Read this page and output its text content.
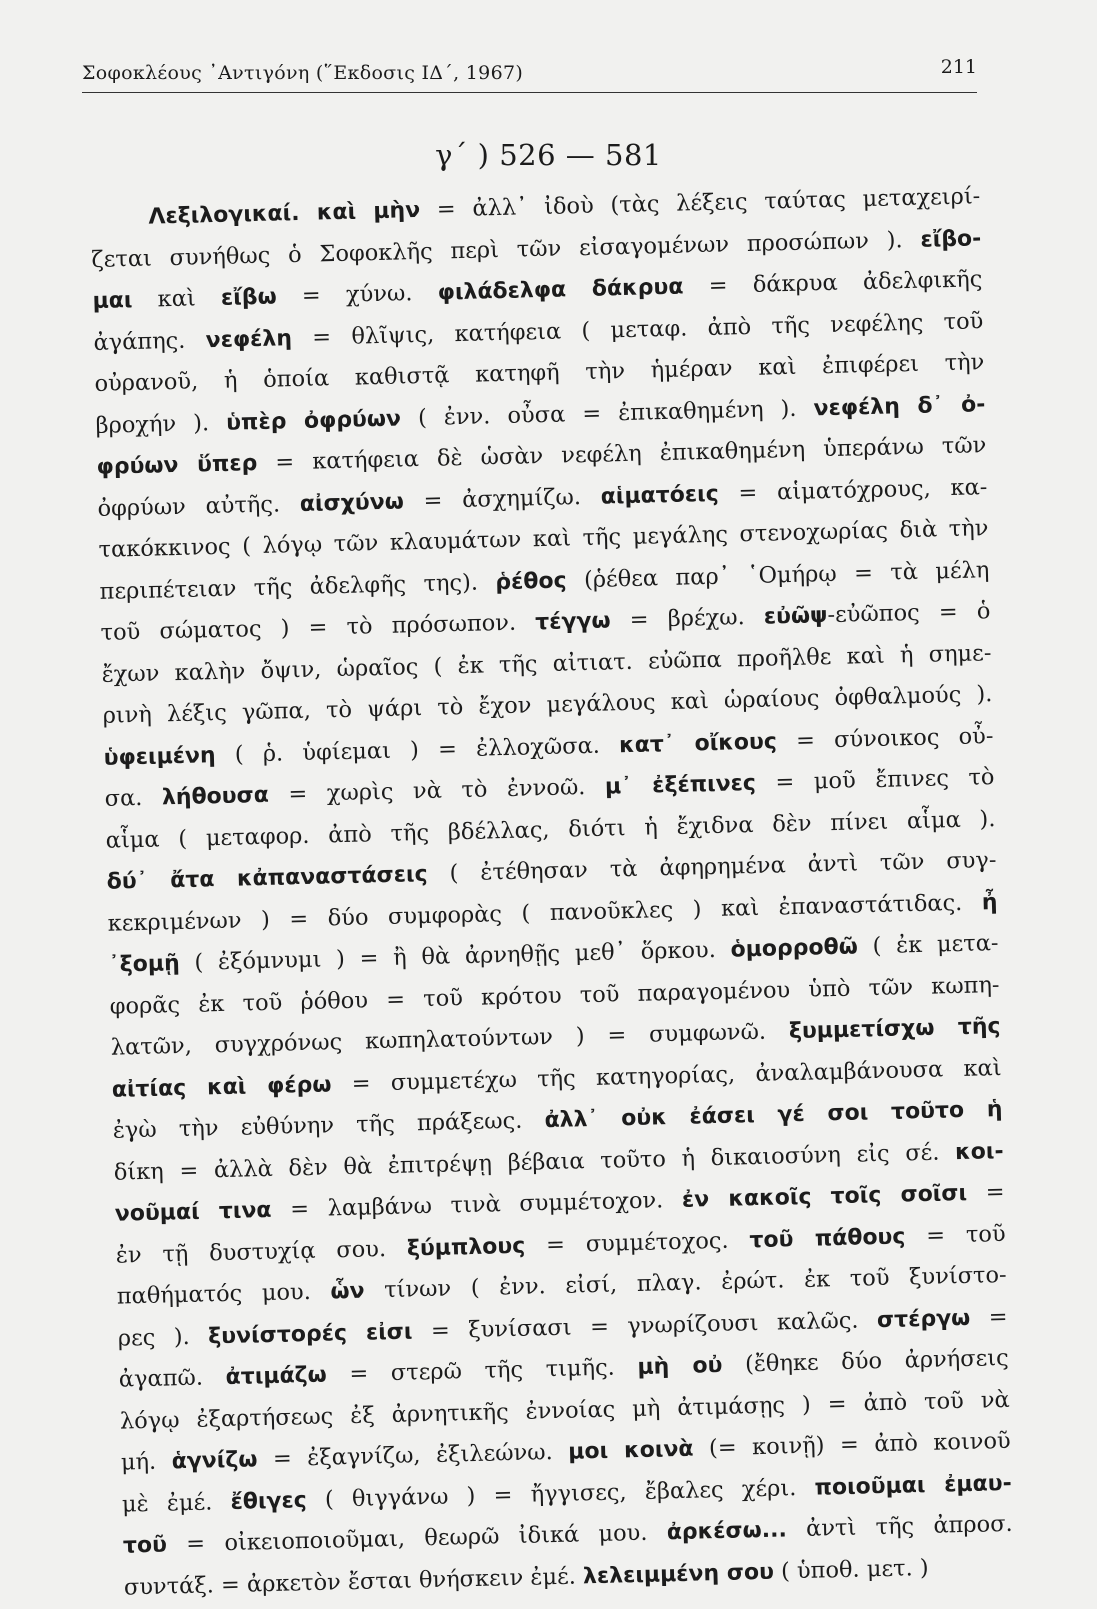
Σοφοκλέους ᾽Αντιγόνη (῞Εκδοσις ΙΔ΄, 1967)	211
γ΄ ) 526 — 581
Λεξιλογικαί. καὶ μὴν = ἀλλ᾽ ἰδοὺ (τὰς λέξεις ταύτας μεταχειρί-
ζεται συνήθως ὁ Σοφοκλῆς περὶ τῶν εἰσαγομένων προσώπων ). εἴβο-
μαι καὶ εἴβω = χύνω. φιλάδελφα δάκρυα = δάκρυα ἀδελφικῆς
ἀγάπης. νεφέλη = θλῖψις, κατήφεια ( μεταφ. ἀπὸ τῆς νεφέλης τοῦ
οὐρανοῦ, ἡ ὁποία καθιστᾷ κατηφῆ τὴν ἡμέραν καὶ ἐπιφέρει τὴν
βροχήν ). ὑπὲρ ὀφρύων ( ἐνν. οὖσα = ἐπικαθημένη ). νεφέλη δ᾽ ὀ-
φρύων ὕπερ = κατήφεια δὲ ὡσὰν νεφέλη ἐπικαθημένη ὑπεράνω τῶν
ὀφρύων αὐτῆς. αἰσχύνω = ἀσχημίζω. αἱματόεις = αἱματόχρους, κα-
τακόκκινος ( λόγῳ τῶν κλαυμάτων καὶ τῆς μεγάλης στενοχωρίας διὰ τὴν
περιπέτειαν τῆς ἀδελφῆς της). ῥέθος (ῥέθεα παρ᾽ ῾Ομήρῳ = τὰ μέλη
τοῦ σώματος ) = τὸ πρόσωπον. τέγγω = βρέχω. εὐῶψ-εὐῶπος = ὁ
ἔχων καλὴν ὄψιν, ὡραῖος ( ἐκ τῆς αἰτιατ. εὐῶπα προῆλθε καὶ ἡ σημε-
ρινὴ λέξις γῶπα, τὸ ψάρι τὸ ἔχον μεγάλους καὶ ὡραίους ὀφθαλμούς ).
ὑφειμένη ( ῥ. ὑφίεμαι ) = ἐλλοχῶσα. κατ᾽ οἴκους = σύνοικος οὖ-
σα. λήθουσα = χωρὶς νὰ τὸ ἐννοῶ. μ᾽ ἐξέπινες = μοῦ ἔπινες τὸ
αἷμα ( μεταφορ. ἀπὸ τῆς βδέλλας, διότι ἡ ἔχιδνα δὲν πίνει αἷμα ).
δύ᾽ ἄτα κἀπαναστάσεις ( ἐτέθησαν τὰ ἀφηρημένα ἀντὶ τῶν συγ-
κεκριμένων ) = δύο συμφορὰς ( πανοῦκλες ) καὶ ἐπαναστάτιδας. ἦ
᾽ξομῇ ( ἐξόμνυμι ) = ἢ θὰ ἀρνηθῇς μεθ᾽ ὅρκου. ὁμορροθῶ ( ἐκ μετα-
φορᾶς ἐκ τοῦ ῥόθου = τοῦ κρότου τοῦ παραγομένου ὑπὸ τῶν κωπη-
λατῶν, συγχρόνως κωπηλατούντων ) = συμφωνῶ. ξυμμετίσχω τῆς
αἰτίας καὶ φέρω = συμμετέχω τῆς κατηγορίας, ἀναλαμβάνουσα καὶ
ἐγὼ τὴν εὐθύνην τῆς πράξεως. ἀλλ᾽ οὐκ ἐάσει γέ σοι τοῦτο ἡ
δίκη = ἀλλὰ δὲν θὰ ἐπιτρέψῃ βέβαια τοῦτο ἡ δικαιοσύνη εἰς σέ. κοι-
νοῦμαί τινα = λαμβάνω τινὰ συμμέτοχον. ἐν κακοῖς τοῖς σοῖσι =
ἐν τῇ δυστυχίᾳ σου. ξύμπλους = συμμέτοχος. τοῦ πάθους = τοῦ
παθήματός μου. ὧν τίνων ( ἐνν. εἰσί, πλαγ. ἐρώτ. ἐκ τοῦ ξυνίστο-
ρες ). ξυνίστορές εἰσι = ξυνίσασι = γνωρίζουσι καλῶς. στέργω =
ἀγαπῶ. ἀτιμάζω = στερῶ τῆς τιμῆς. μὴ οὐ (ἔθηκε δύο ἀρνήσεις
λόγῳ ἐξαρτήσεως ἐξ ἀρνητικῆς ἐννοίας μὴ ἀτιμάσῃς ) = ἀπὸ τοῦ νὰ
μή. ἁγνίζω = ἐξαγνίζω, ἐξιλεώνω. μοι κοινὰ (= κοινῇ) = ἀπὸ κοινοῦ
μὲ ἐμέ. ἔθιγες ( θιγγάνω ) = ἤγγισες, ἔβαλες χέρι. ποιοῦμαι ἐμαυ-
τοῦ = οἰκειοποιοῦμαι, θεωρῶ ἰδικά μου. ἀρκέσω... ἀντὶ τῆς ἀπροσ.
συντάξ. = ἀρκετὸν ἔσται θνήσκειν ἐμέ. λελειμμένη σου ( ὑποθ. μετ. )
